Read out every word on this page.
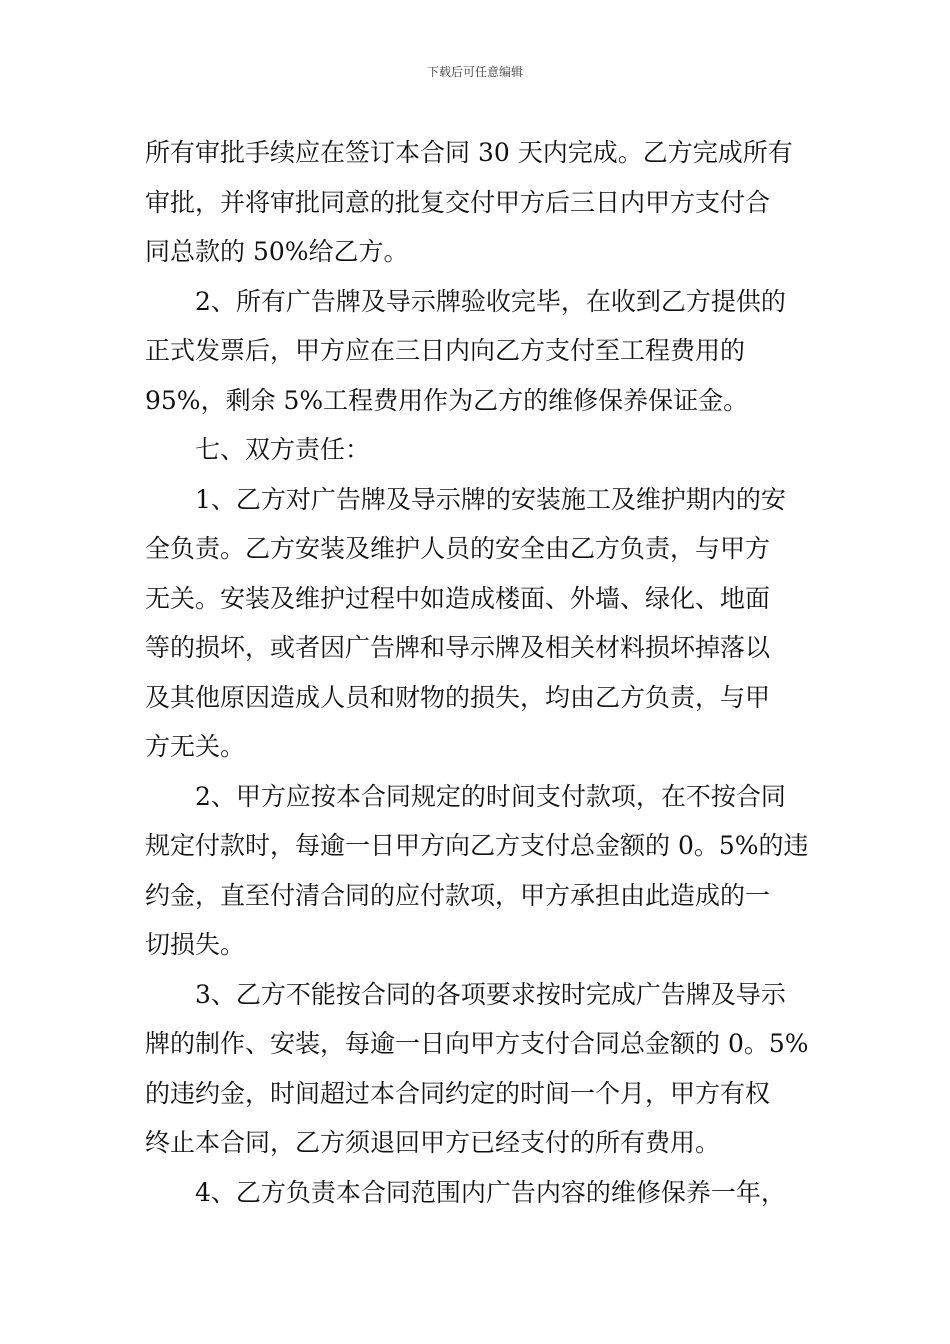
下载后可任意编辑
所有审批手续应在签订本合同 30 天内完成。乙方完成所有
审批，并将审批同意的批复交付甲方后三日内甲方支付合
同总款的 50%给乙方。
2、所有广告牌及导示牌验收完毕，在收到乙方提供的
正式发票后，甲方应在三日内向乙方支付至工程费用的
95%，剩余 5%工程费用作为乙方的维修保养保证金。
七、双方责任：
1、乙方对广告牌及导示牌的安装施工及维护期内的安
全负责。乙方安装及维护人员的安全由乙方负责，与甲方
无关。安装及维护过程中如造成楼面、外墙、绿化、地面
等的损坏，或者因广告牌和导示牌及相关材料损坏掉落以
及其他原因造成人员和财物的损失，均由乙方负责，与甲
方无关。
2、甲方应按本合同规定的时间支付款项，在不按合同
规定付款时，每逾一日甲方向乙方支付总金额的 0。5%的违
约金，直至付清合同的应付款项，甲方承担由此造成的一
切损失。
3、乙方不能按合同的各项要求按时完成广告牌及导示
牌的制作、安装，每逾一日向甲方支付合同总金额的 0。5%
的违约金，时间超过本合同约定的时间一个月，甲方有权
终止本合同，乙方须退回甲方已经支付的所有费用。
4、乙方负责本合同范围内广告内容的维修保养一年，
